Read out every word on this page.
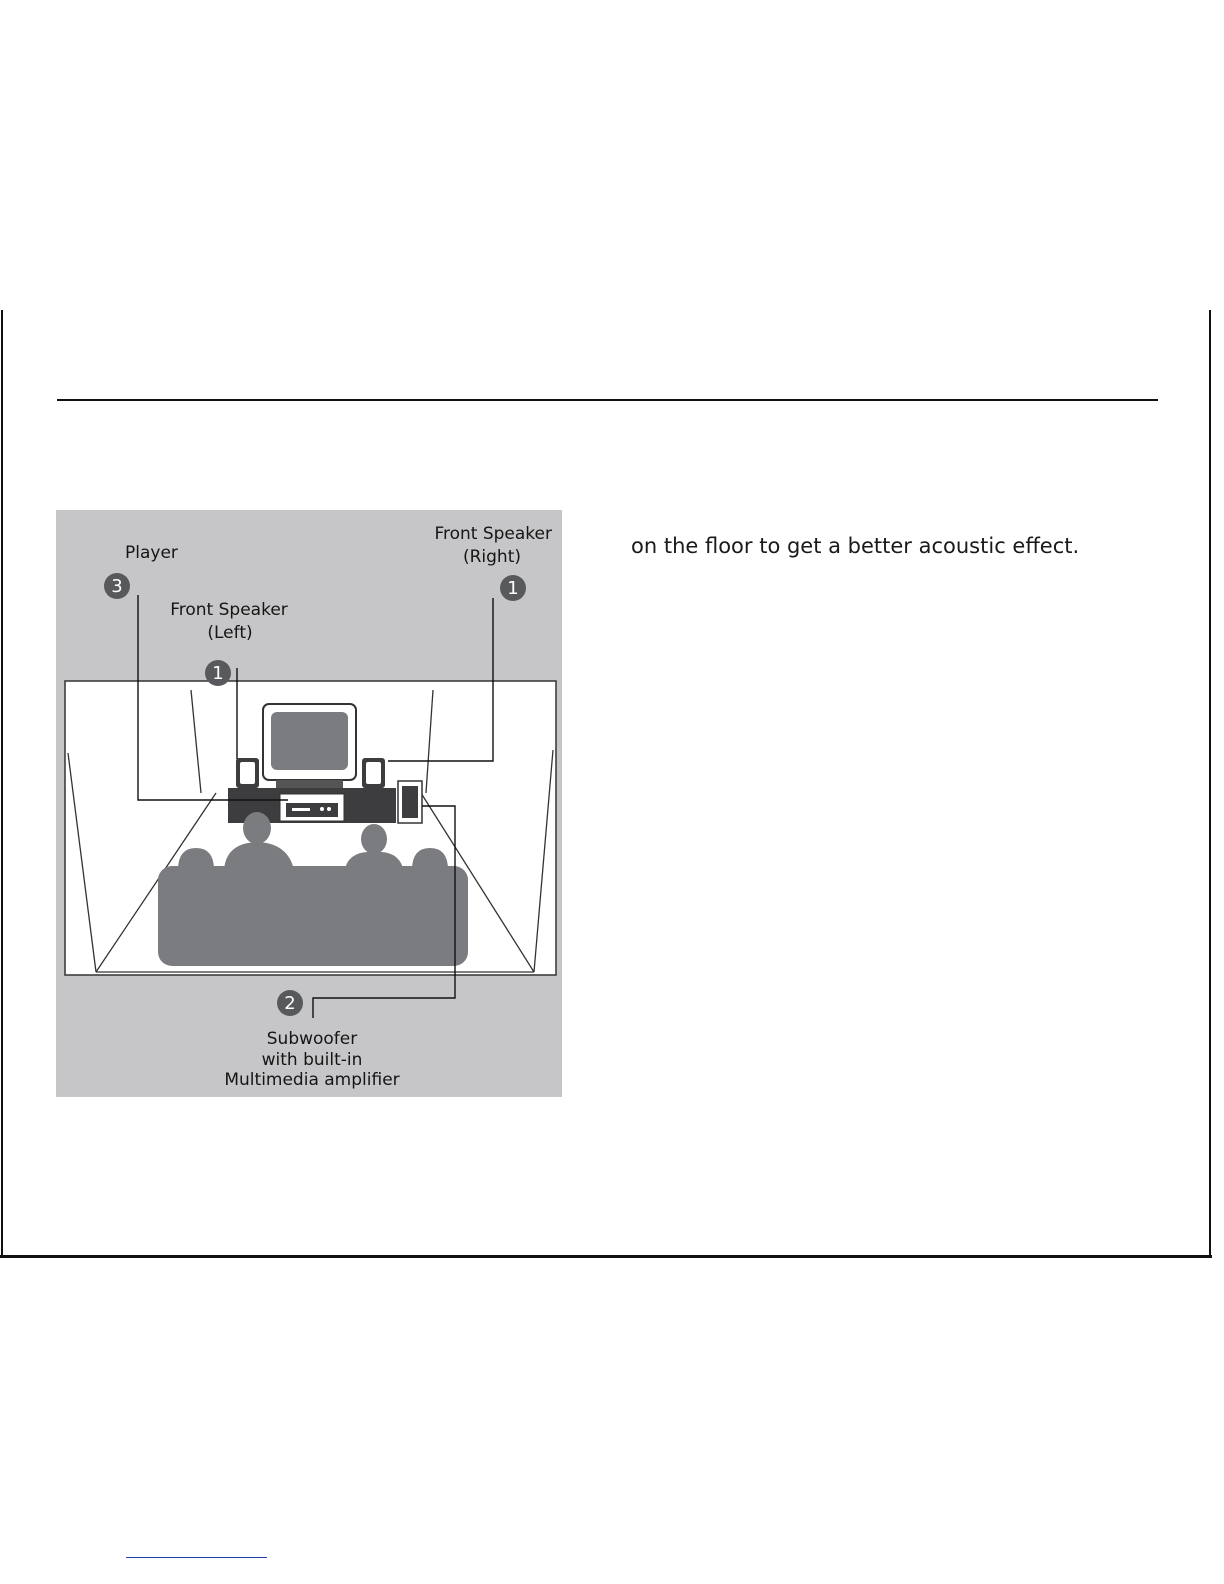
3
1
1
2
Player
Front Speaker
(Right)
Front Speaker
(Left)
Subwoofer
with built-in
Multimedia amplifier
on the floor to get a better acoustic effect.
